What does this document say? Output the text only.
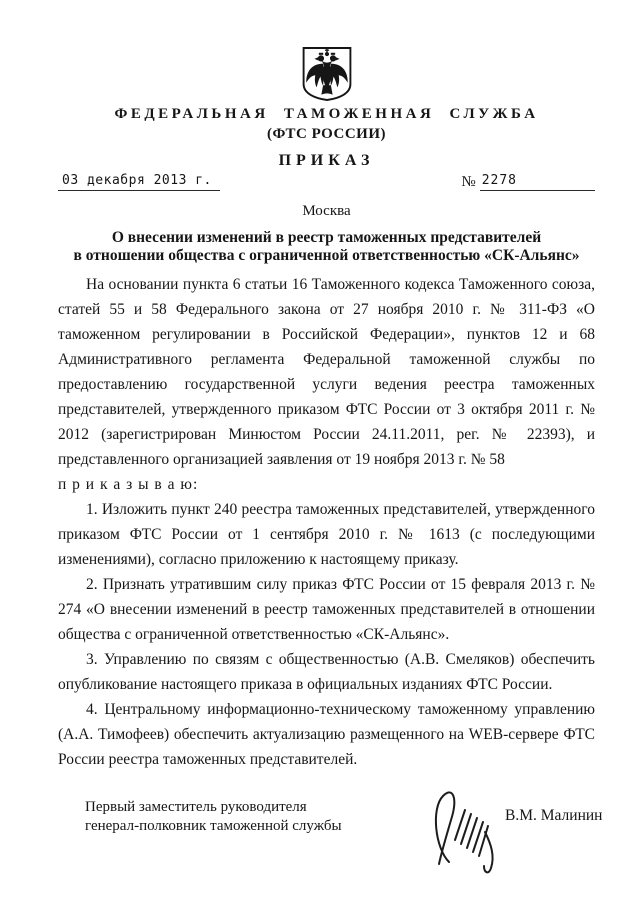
ФЕДЕРАЛЬНАЯ ТАМОЖЕННАЯ СЛУЖБА
(ФТС РОССИИ)
ПРИКАЗ
03 декабря 2013 г.	№ 2278
Москва
О внесении изменений в реестр таможенных представителей
в отношении общества с ограниченной ответственностью «СК-Альянс»

На основании пункта 6 статьи 16 Таможенного кодекса Таможенного союза, статей 55 и 58 Федерального закона от 27 ноября 2010 г. № 311-ФЗ «О таможенном регулировании в Российской Федерации», пунктов 12 и 68 Административного регламента Федеральной таможенной службы по предоставлению государственной услуги ведения реестра таможенных представителей, утвержденного приказом ФТС России от 3 октября 2011 г. № 2012 (зарегистрирован Минюстом России 24.11.2011, рег. № 22393), и представленного организацией заявления от 19 ноября 2013 г. № 58

п р и к а з ы в а ю:

1. Изложить пункт 240 реестра таможенных представителей, утвержденного приказом ФТС России от 1 сентября 2010 г. № 1613 (с последующими изменениями), согласно приложению к настоящему приказу.

2. Признать утратившим силу приказ ФТС России от 15 февраля 2013 г. № 274 «О внесении изменений в реестр таможенных представителей в отношении общества с ограниченной ответственностью «СК-Альянс».

3. Управлению по связям с общественностью (А.В. Смеляков) обеспечить опубликование настоящего приказа в официальных изданиях ФТС России.

4. Центральному информационно-техническому таможенному управлению (А.А. Тимофеев) обеспечить актуализацию размещенного на WEB-сервере ФТС России реестра таможенных представителей.

Первый заместитель руководителя
генерал-полковник таможенной службы
В.М. Малинин
